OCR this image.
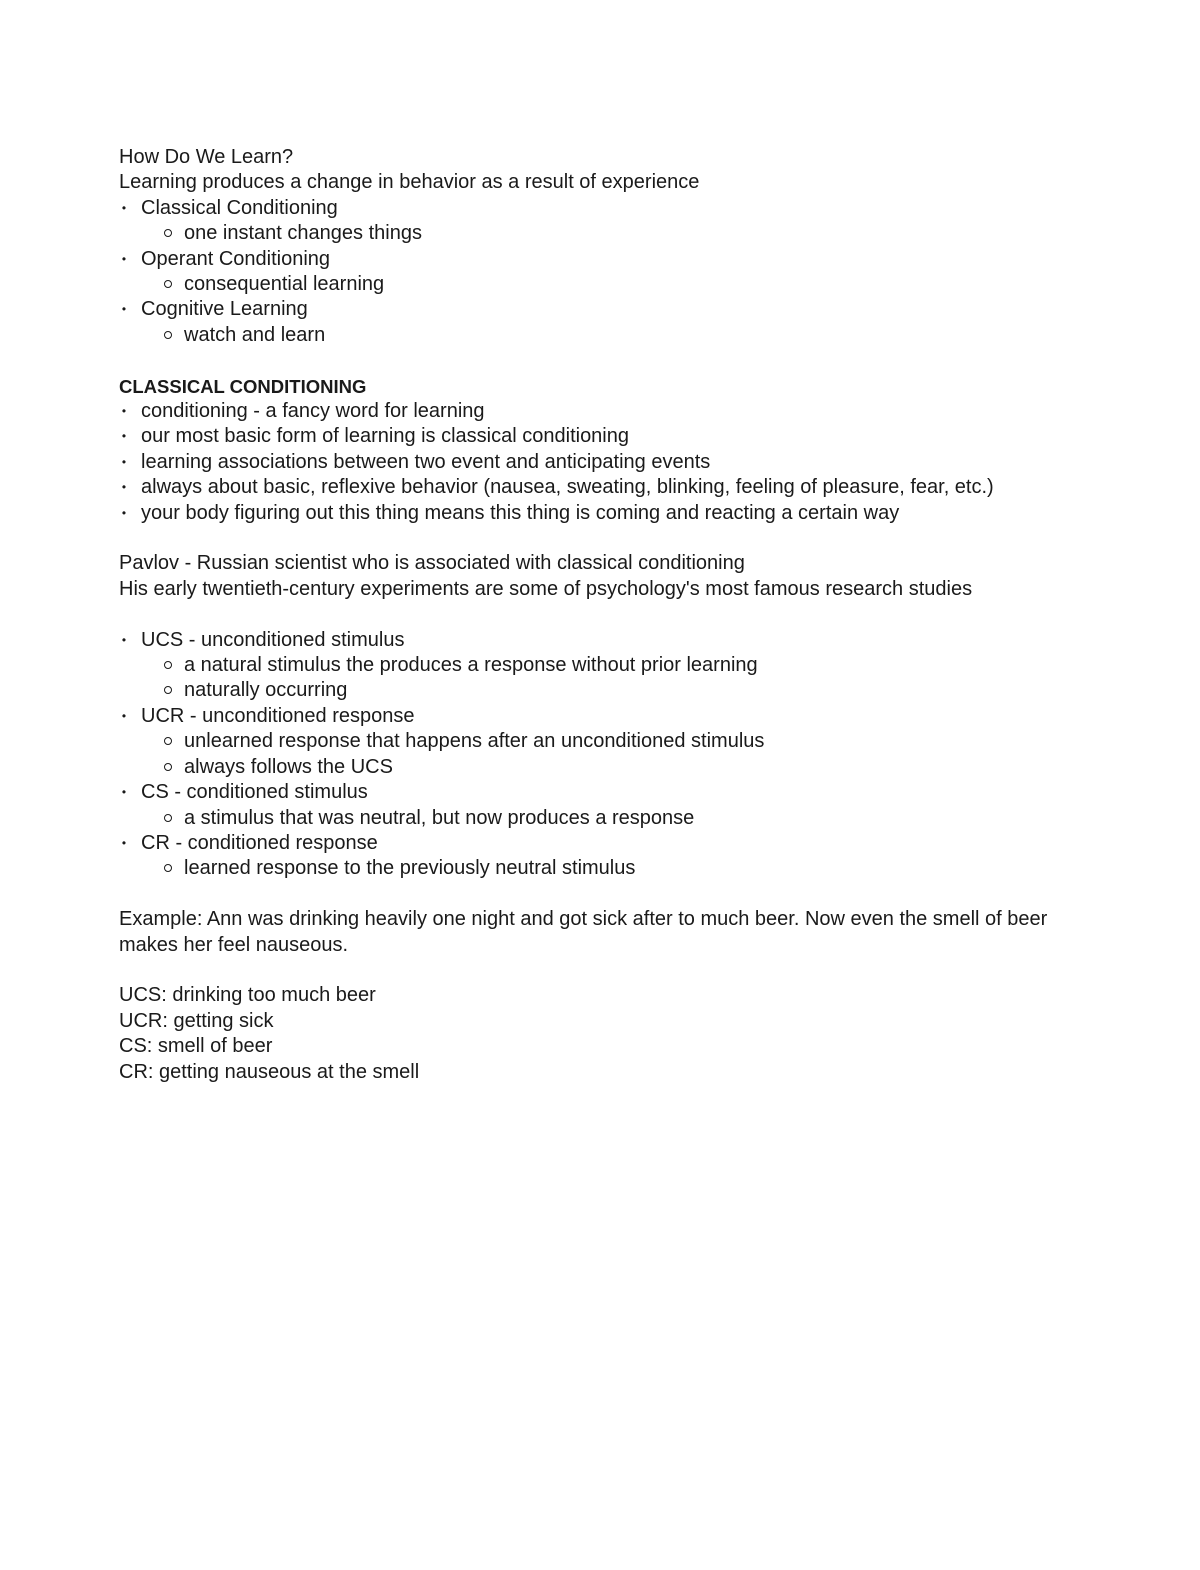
How Do We Learn?

Learning produces a change in behavior as a result of experience

• Classical Conditioning
one instant changes things
• Operant Conditioning
consequential learning
• Cognitive Learning
watch and learn

CLASSICAL CONDITIONING

• conditioning - a fancy word for learning
• our most basic form of learning is classical conditioning
• learning associations between two event and anticipating events
• always about basic, reflexive behavior (nausea, sweating, blinking, feeling of pleasure, fear, etc.)
• your body figuring out this thing means this thing is coming and reacting a certain way

Pavlov - Russian scientist who is associated with classical conditioning

His early twentieth-century experiments are some of psychology's most famous research studies

• UCS - unconditioned stimulus
a natural stimulus the produces a response without prior learning
naturally occurring
• UCR - unconditioned response
unlearned response that happens after an unconditioned stimulus
always follows the UCS
• CS - conditioned stimulus
a stimulus that was neutral, but now produces a response
• CR - conditioned response
learned response to the previously neutral stimulus

Example: Ann was drinking heavily one night and got sick after to much beer. Now even the smell of beer makes her feel nauseous.

UCS: drinking too much beer

UCR: getting sick

CS: smell of beer

CR: getting nauseous at the smell
